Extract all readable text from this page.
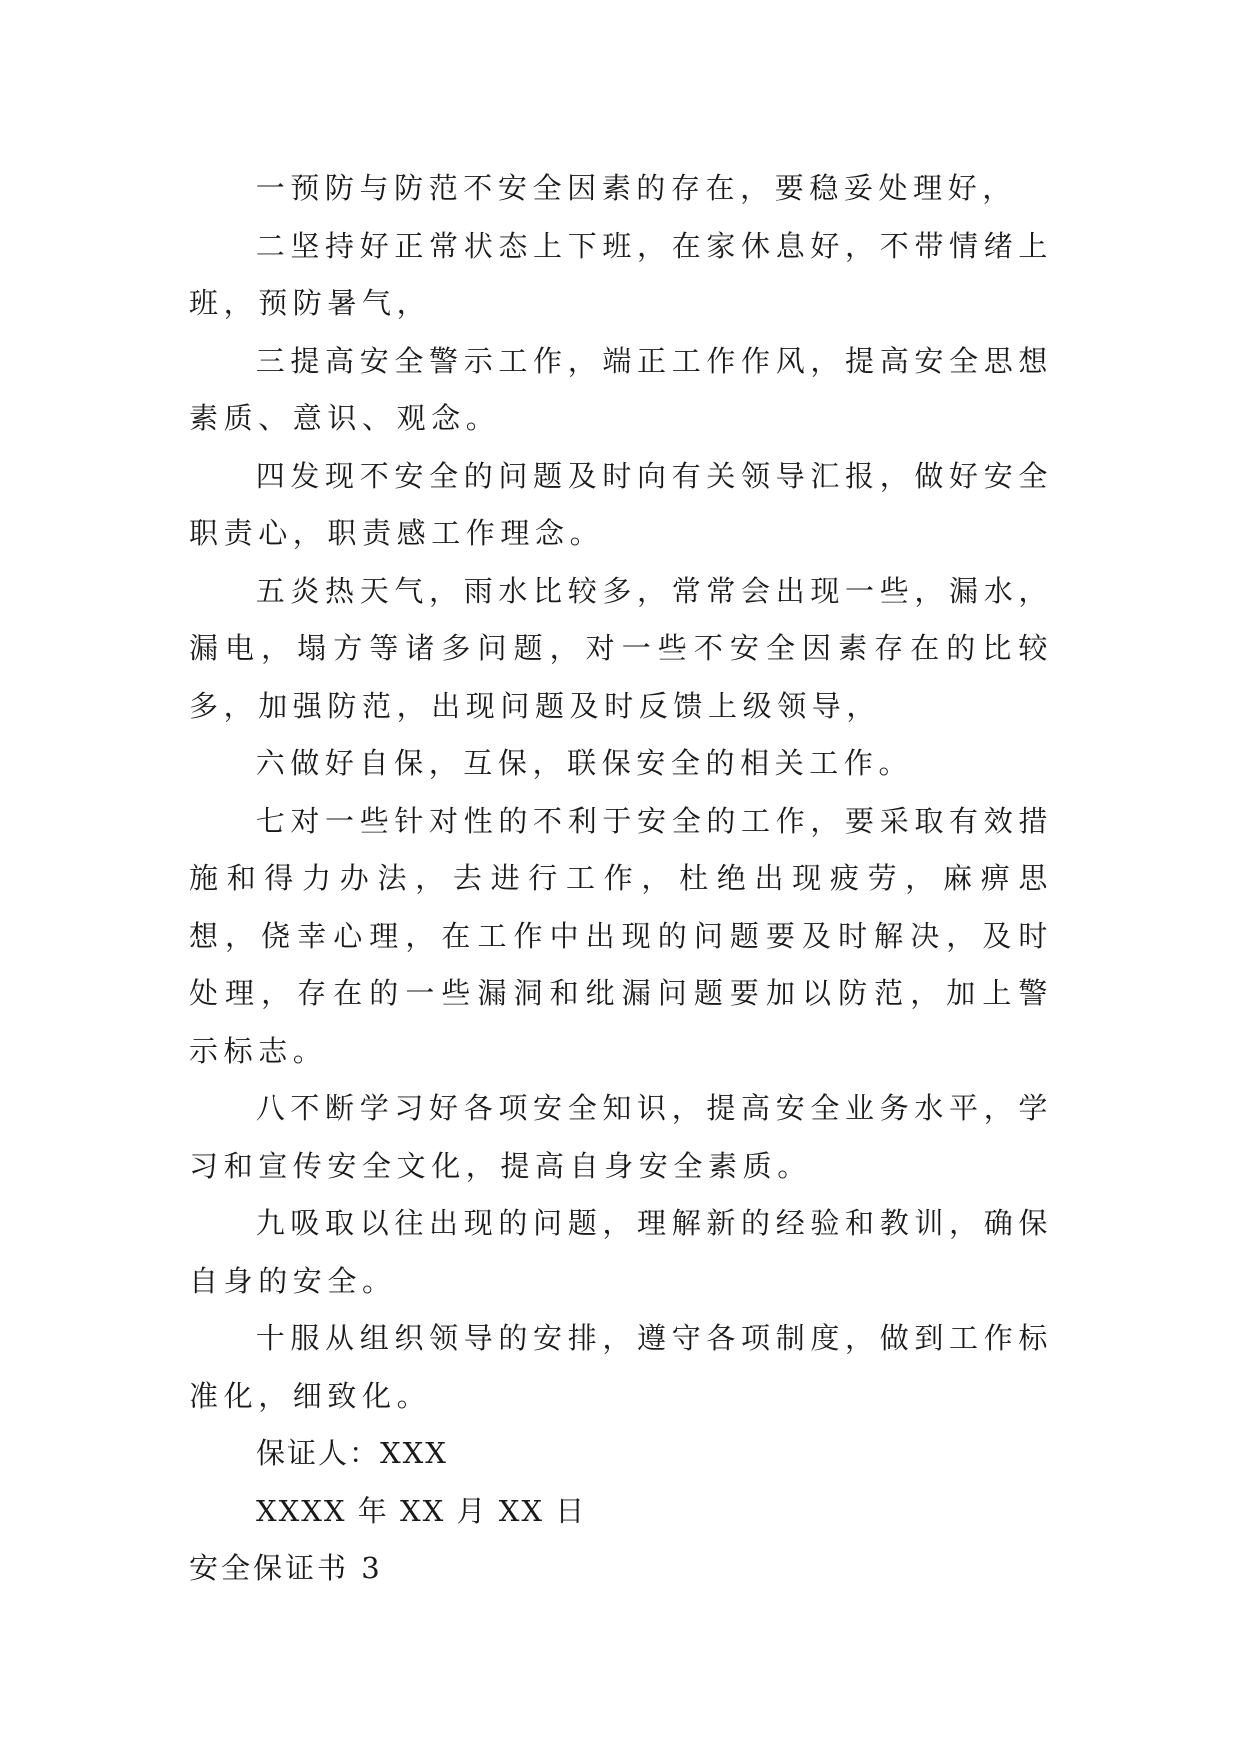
一预防与防范不安全因素的存在，要稳妥处理好，

二坚持好正常状态上下班，在家休息好，不带情绪上班，预防暑气，

三提高安全警示工作，端正工作作风，提高安全思想素质、意识、观念。

四发现不安全的问题及时向有关领导汇报，做好安全职责心，职责感工作理念。

五炎热天气，雨水比较多，常常会出现一些，漏水，漏电，塌方等诸多问题，对一些不安全因素存在的比较多，加强防范，出现问题及时反馈上级领导，

六做好自保，互保，联保安全的相关工作。

七对一些针对性的不利于安全的工作，要采取有效措施和得力办法，去进行工作，杜绝出现疲劳，麻痹思想，侥幸心理，在工作中出现的问题要及时解决，及时处理，存在的一些漏洞和纰漏问题要加以防范，加上警示标志。

八不断学习好各项安全知识，提高安全业务水平，学习和宣传安全文化，提高自身安全素质。

九吸取以往出现的问题，理解新的经验和教训，确保自身的安全。

十服从组织领导的安排，遵守各项制度，做到工作标准化，细致化。

保证人：XXX

XXXX 年 XX 月 XX 日

安全保证书 3
